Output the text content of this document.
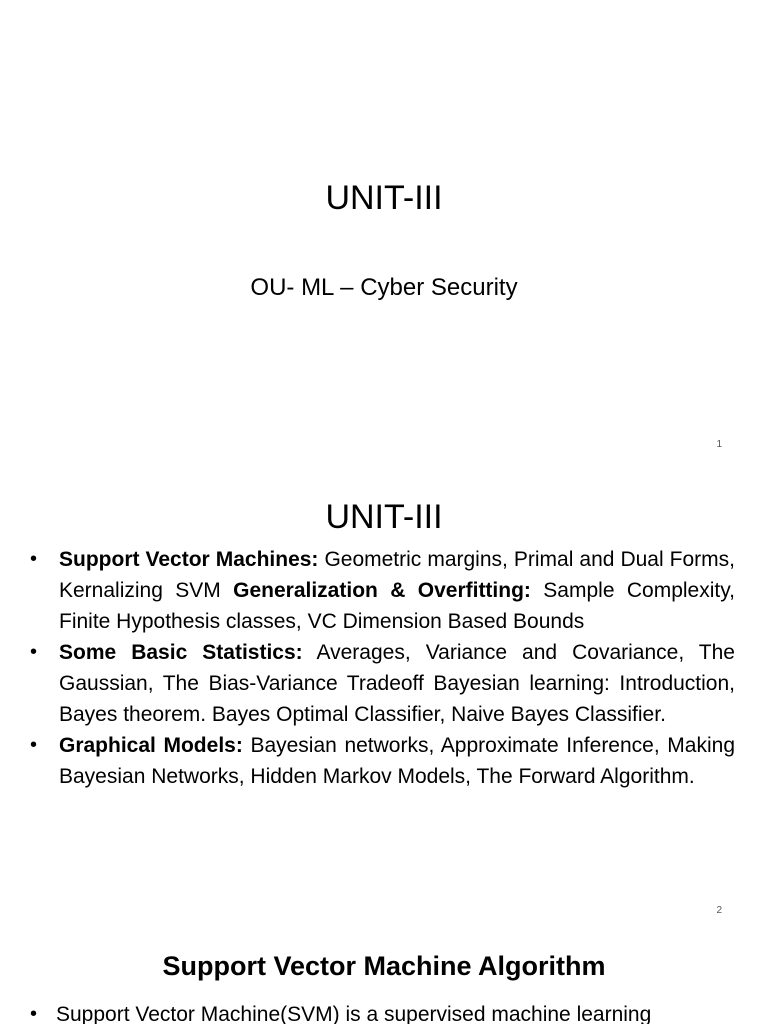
UNIT-III
OU- ML – Cyber Security
1
UNIT-III
• Support Vector Machines: Geometric margins, Primal and Dual Forms, Kernalizing SVM Generalization & Overfitting: Sample Complexity, Finite Hypothesis classes, VC Dimension Based Bounds
• Some Basic Statistics: Averages, Variance and Covariance, The Gaussian, The Bias-Variance Tradeoff Bayesian learning: Introduction, Bayes theorem. Bayes Optimal Classifier, Naive Bayes Classifier.
• Graphical Models: Bayesian networks, Approximate Inference, Making Bayesian Networks, Hidden Markov Models, The Forward Algorithm.
2
Support Vector Machine Algorithm
• Support Vector Machine(SVM) is a supervised machine learning
